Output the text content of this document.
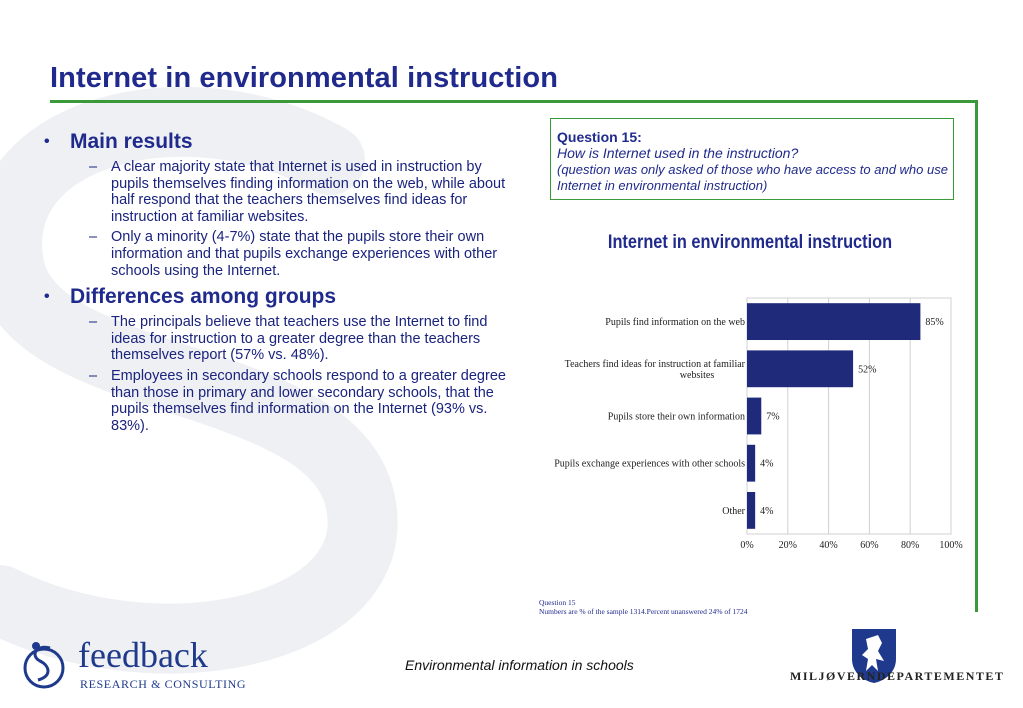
Internet in environmental instruction
• Main results
– A clear majority state that Internet is used in instruction by pupils themselves finding information on the web, while about half respond that the teachers themselves find ideas for instruction at familiar websites.
– Only a minority (4-7%) state that the pupils store their own information and that pupils exchange experiences with other schools using the Internet.
• Differences among groups
– The principals believe that teachers use the Internet to find ideas for instruction to a greater degree than the teachers themselves report (57% vs. 48%).
– Employees in secondary schools respond to a greater degree than those in primary and lower secondary schools, that the pupils themselves find information on the Internet (93% vs. 83%).
Question 15:
How is Internet used in the instruction?
(question was only asked of those who have access to and who use Internet in environmental instruction)
Internet in environmental instruction
0% 20% 40% 60% 80% 100%
Pupils find information on the web	85%
Teachers find ideas for instruction at familiar
websites	52%
Pupils store their own information 7%
Pupils exchange experiences with other schools 4%
Other 4%
Question 15
Numbers are % of the sample 1314.Percent unanswered 24% of 1724
Environmental information in schools
feedback
RESEARCH & CONSULTING
MILJØVERNDEPARTEMENTET
